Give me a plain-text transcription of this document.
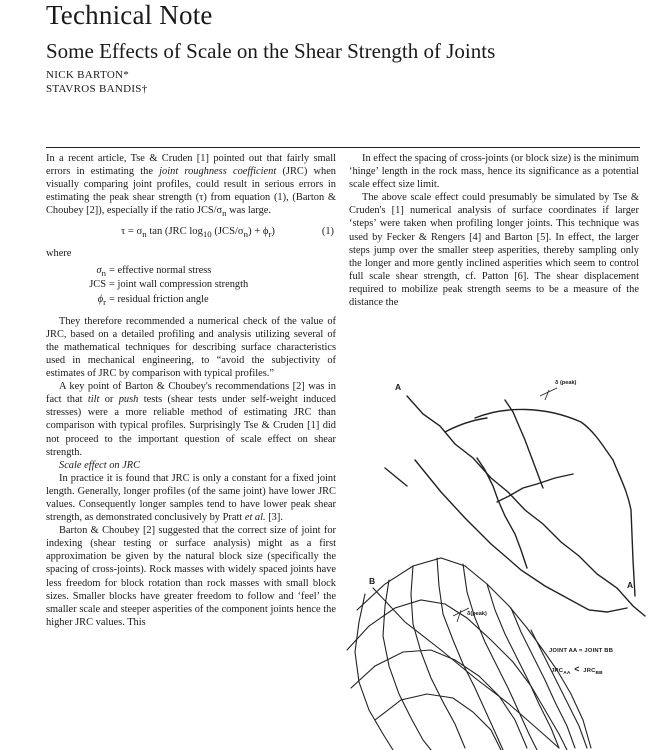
Technical Note
Some Effects of Scale on the Shear Strength of Joints
NICK BARTON*
STAVROS BANDIS†

In a recent article, Tse & Cruden [1] pointed out that fairly small errors in estimating the joint roughness coefficient (JRC) when visually comparing joint profiles, could result in serious errors in estimating the peak shear strength (τ) from equation (1), (Barton & Choubey [2]), especially if the ratio JCS/$\sigma_n$ was large.

$\tau = \sigma_n$ tan (JRC $\log_{10} (JCS/\sigma_n) + \phi_r$)	(1)

where

$\sigma_n$ = effective normal stress
JCS = joint wall compression strength
$\phi_r$ = residual friction angle

They therefore recommended a numerical check of the value of JRC, based on a detailed profiling and analysis utilizing several of the mathematical techniques for describing surface characteristics used in mechanical engineering, to “avoid the subjectivity of estimates of JRC by comparison with typical profiles.”

A key point of Barton & Choubey's recommendations [2] was in fact that tilt or push tests (shear tests under self-weight induced stresses) were a more reliable method of estimating JRC than comparison with typical profiles. Surprisingly Tse & Cruden [1] did not proceed to the important question of scale effect on shear strength.

Scale effect on JRC

In practice it is found that JRC is only a constant for a fixed joint length. Generally, longer profiles (of the same joint) have lower JRC values. Consequently longer samples tend to have lower peak shear strength, as demonstrated conclusively by Pratt et al. [3].

Barton & Choubey [2] suggested that the correct size of joint for indexing (shear testing or surface analysis) might as a first approximation be given by the natural block size (specifically the spacing of cross-joints). Rock masses with widely spaced joints have less freedom for block rotation than rock masses with small block sizes. Smaller blocks have greater freedom to follow and ‘feel’ the smaller scale and steeper asperities of the component joints hence the higher JRC values. This

In effect the spacing of cross-joints (or block size) is the minimum ‘hinge’ length in the rock mass, hence its significance as a potential scale effect size limit.

The above scale effect could presumably be simulated by Tse & Cruden's [1] numerical analysis of surface coordinates if larger ‘steps’ were taken when profiling longer joints. This technique was used by Fecker & Rengers [4] and Barton [5]. In effect, the larger steps jump over the smaller steep asperities, thereby sampling only the longer and more gently inclined asperities which seem to control full scale shear strength, cf. Patton [6]. The shear displacement required to mobilize peak strength seems to be a measure of the distance the

A
A
B
δ (peak)
δ(peak)
JOINT AA = JOINT BB
$JRC_{AA} < JRC_{BB}$
